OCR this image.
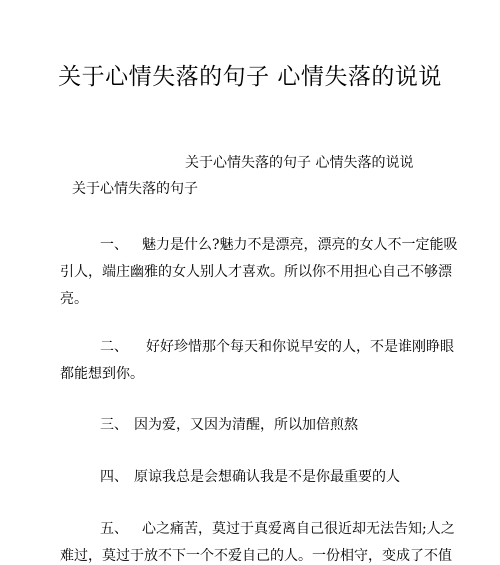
关于心情失落的句子 心情失落的说说
关于心情失落的句子 心情失落的说说
关于心情失落的句子
一、 魅力是什么?魅力不是漂亮，漂亮的女人不一定能吸
引人，端庄幽雅的女人别人才喜欢。所以你不用担心自己不够漂
亮。
二、 好好珍惜那个每天和你说早安的人，不是谁刚睁眼
都能想到你。
三、 因为爱，又因为清醒，所以加倍煎熬
四、 原谅我总是会想确认我是不是你最重要的人
五、 心之痛苦，莫过于真爱离自己很近却无法告知;人之
难过，莫过于放不下一个不爱自己的人。一份相守，变成了不值
